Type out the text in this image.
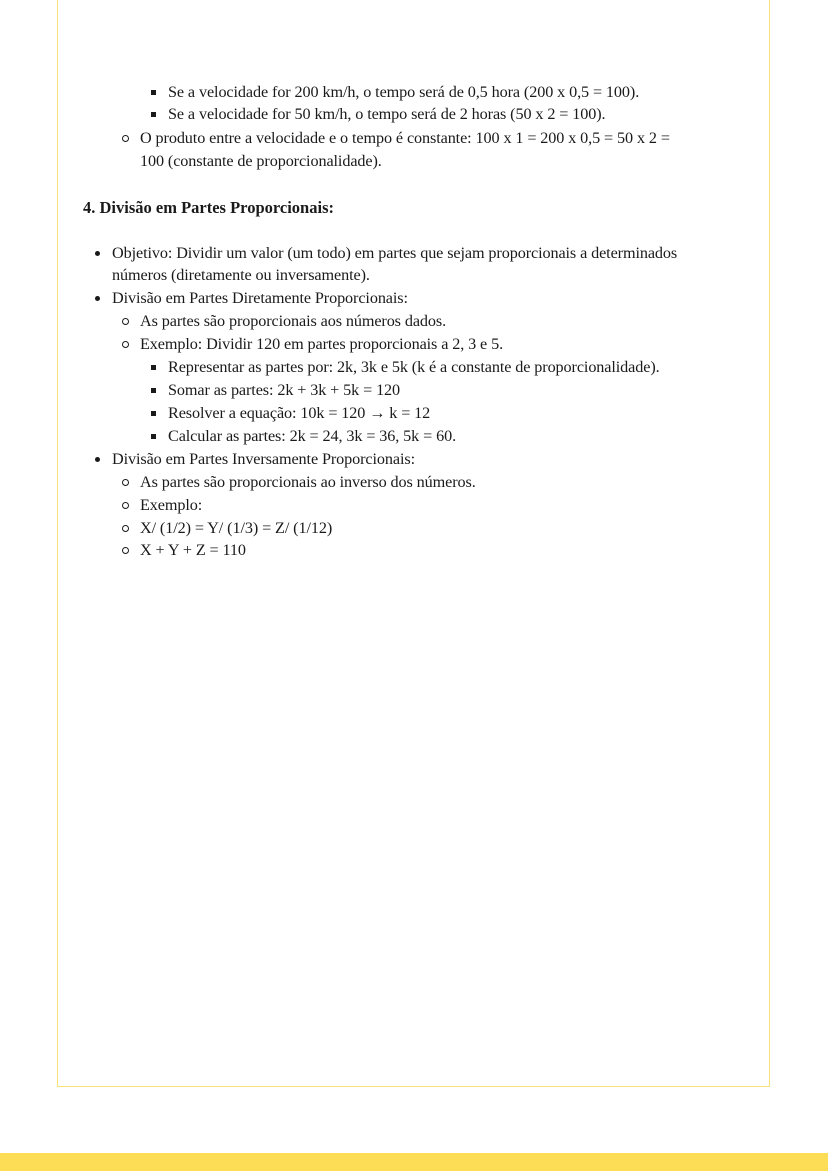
Se a velocidade for 200 km/h, o tempo será de 0,5 hora (200 x 0,5 = 100).
Se a velocidade for 50 km/h, o tempo será de 2 horas (50 x 2 = 100).
O produto entre a velocidade e o tempo é constante: 100 x 1 = 200 x 0,5 = 50 x 2 =
100 (constante de proporcionalidade).
4. Divisão em Partes Proporcionais:
Objetivo: Dividir um valor (um todo) em partes que sejam proporcionais a determinados
números (diretamente ou inversamente).
Divisão em Partes Diretamente Proporcionais:
As partes são proporcionais aos números dados.
Exemplo: Dividir 120 em partes proporcionais a 2, 3 e 5.
Representar as partes por: 2k, 3k e 5k (k é a constante de proporcionalidade).
Somar as partes: 2k + 3k + 5k = 120
Resolver a equação: 10k = 120 → k = 12
Calcular as partes: 2k = 24, 3k = 36, 5k = 60.
Divisão em Partes Inversamente Proporcionais:
As partes são proporcionais ao inverso dos números.
Exemplo:
X/ (1/2) = Y/ (1/3) = Z/ (1/12)
X + Y + Z = 110
